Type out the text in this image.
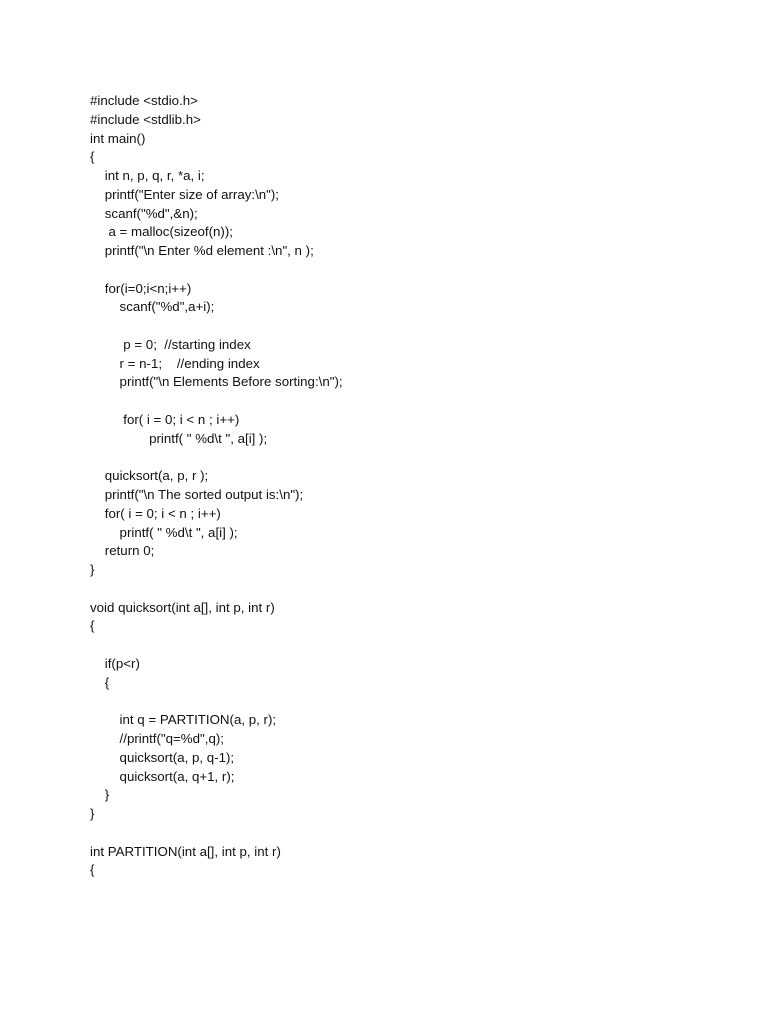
#include <stdio.h>
#include <stdlib.h>
int main()
{
int n, p, q, r, *a, i;
printf("Enter size of array:\n");
scanf("%d",&n);
a = malloc(sizeof(n));
printf("\n Enter %d element :\n", n );
for(i=0;i<n;i++)
scanf("%d",a+i);
p = 0;  //starting index
r = n-1;    //ending index
printf("\n Elements Before sorting:\n");
for( i = 0; i < n ; i++)
printf( " %d\t ", a[i] );
quicksort(a, p, r );
printf("\n The sorted output is:\n");
for( i = 0; i < n ; i++)
printf( " %d\t ", a[i] );
return 0;
}
void quicksort(int a[], int p, int r)
{
if(p<r)
{
int q = PARTITION(a, p, r);
//printf("q=%d",q);
quicksort(a, p, q-1);
quicksort(a, q+1, r);
}
}
int PARTITION(int a[], int p, int r)
{
